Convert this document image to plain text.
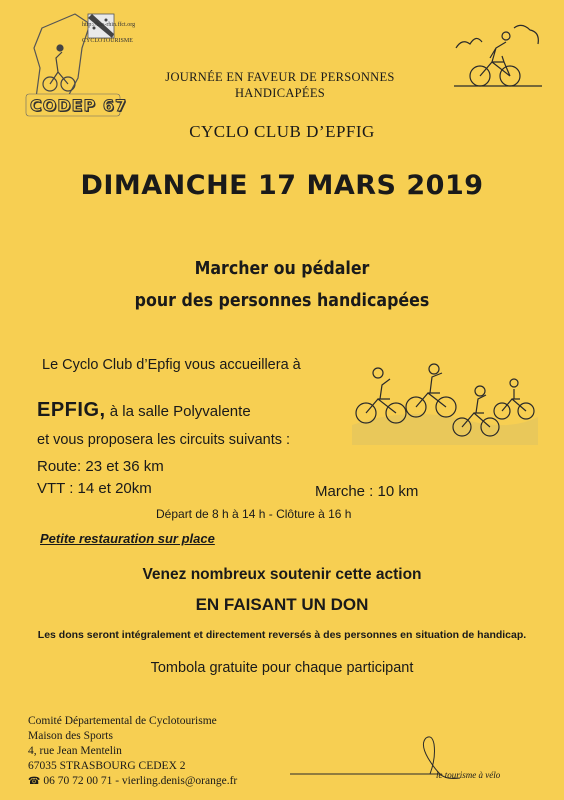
http://bas-rhin.ffct.org
CYCLOTOURISME
CODEP 67
JOURNÉE EN FAVEUR DE PERSONNES
HANDICAPÉES
CYCLO CLUB D’EPFIG
DIMANCHE 17 MARS 2019
Marcher ou pédaler
pour des personnes handicapées
Le Cyclo Club d’Epfig vous accueillera à
EPFIG, à la salle Polyvalente
et vous proposera les circuits suivants :
Route: 23 et 36 km
VTT : 14 et 20km	Marche : 10 km
Départ de 8 h à 14 h - Clôture à 16 h
Petite restauration sur place
Venez nombreux soutenir cette action
EN FAISANT UN DON
Les dons seront intégralement et directement reversés à des personnes en situation de handicap.
Tombola gratuite pour chaque participant
Comité Départemental de Cyclotourisme
Maison des Sports
4, rue Jean Mentelin
67035 STRASBOURG CEDEX 2
☎ 06 70 72 00 71 - vierling.denis@orange.fr	le tourisme à vélo
